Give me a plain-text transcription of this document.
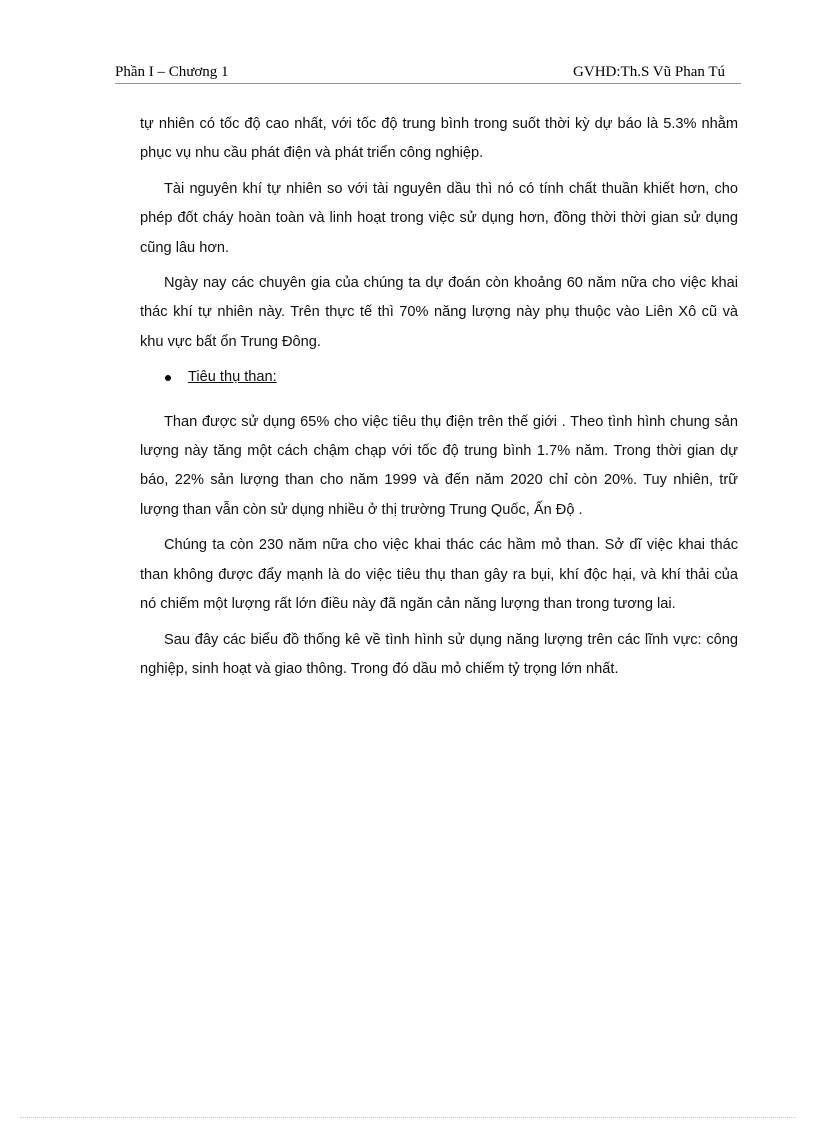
Phần I – Chương 1	GVHD:Th.S Vũ Phan Tú

tự nhiên có tốc độ cao nhất, với tốc độ trung bình trong suốt thời kỳ dự báo là 5.3% nhằm phục vụ nhu cầu phát điện và phát triển công nghiệp.

Tài nguyên khí tự nhiên so với tài nguyên dầu thì nó có tính chất thuần khiết hơn, cho phép đốt cháy hoàn toàn và linh hoạt trong việc sử dụng hơn, đồng thời thời gian sử dụng cũng lâu hơn.

Ngày nay các chuyên gia của chúng ta dự đoán còn khoảng 60 năm nữa cho việc khai thác khí tự nhiên này. Trên thực tế thì 70% năng lượng này phụ thuộc vào Liên Xô cũ và khu vực bất ổn Trung Đông.

Tiêu thụ than:

Than được sử dụng 65% cho việc tiêu thụ điện trên thế giới . Theo tình hình chung sản lượng này tăng một cách chậm chạp với tốc độ trung bình 1.7% năm. Trong thời gian dự báo, 22% sản lượng than cho năm 1999 và đến năm 2020 chỉ còn 20%. Tuy nhiên, trữ lượng than vẫn còn sử dụng nhiều ở thị trường Trung Quốc, Ấn Độ .

Chúng ta còn 230 năm nữa cho việc khai thác các hầm mỏ than. Sở dĩ việc khai thác than không được đẩy mạnh là do việc tiêu thụ than gây ra bụi, khí độc hại, và khí thải của nó chiếm một lượng rất lớn điều này đã ngăn cản năng lượng than trong tương lai.

Sau đây các biểu đồ thống kê về tình hình sử dụng năng lượng trên các lĩnh vực: công nghiệp, sinh hoạt và giao thông. Trong đó dầu mỏ chiếm tỷ trọng lớn nhất.
